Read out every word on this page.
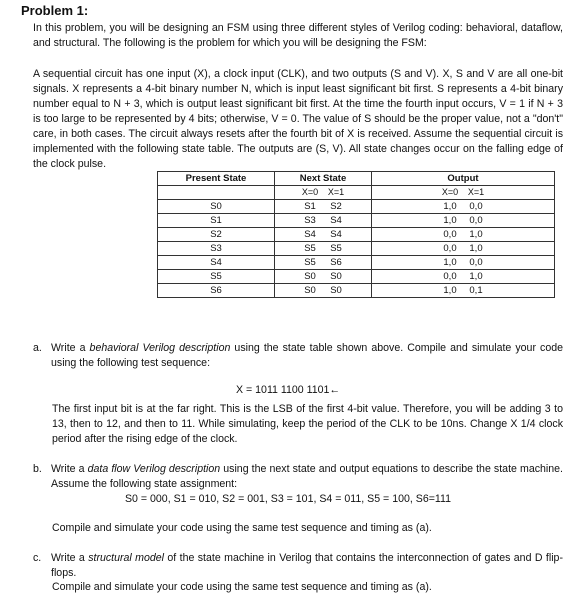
Problem 1:

In this problem, you will be designing an FSM using three different styles of Verilog coding: behavioral, dataflow, and structural. The following is the problem for which you will be designing the FSM:

A sequential circuit has one input (X), a clock input (CLK), and two outputs (S and V). X, S and V are all one-bit signals. X represents a 4-bit binary number N, which is input least significant bit first. S represents a 4-bit binary number equal to N + 3, which is output least significant bit first. At the time the fourth input occurs, V = 1 if N + 3 is too large to be represented by 4 bits; otherwise, V = 0. The value of S should be the proper value, not a "don't" care, in both cases. The circuit always resets after the fourth bit of X is received. Assume the sequential circuit is implemented with the following state table. The outputs are (S, V). All state changes occur on the falling edge of the clock pulse.

Present State	Next State	Output
	X=0 X=1	X=0 X=1
S0	S1 S2	1,0 0,0
S1	S3 S4	1,0 0,0
S2	S4 S4	0,0 1,0
S3	S5 S5	0,0 1,0
S4	S5 S6	1,0 0,0
S5	S0 S0	0,0 1,0
S6	S0 S0	1,0 0,1
a. Write a behavioral Verilog description using the state table shown above. Compile and simulate your code using the following test sequence:
X = 1011 1100 1101←
The first input bit is at the far right. This is the LSB of the first 4-bit value. Therefore, you will be adding 3 to 13, then to 12, and then to 11. While simulating, keep the period of the CLK to be 10ns. Change X 1/4 clock period after the rising edge of the clock.
b. Write a data flow Verilog description using the next state and output equations to describe the state machine. Assume the following state assignment:
S0 = 000, S1 = 010, S2 = 001, S3 = 101, S4 = 011, S5 = 100, S6=111
Compile and simulate your code using the same test sequence and timing as (a).
c. Write a structural model of the state machine in Verilog that contains the interconnection of gates and D flip-flops.
Compile and simulate your code using the same test sequence and timing as (a).
